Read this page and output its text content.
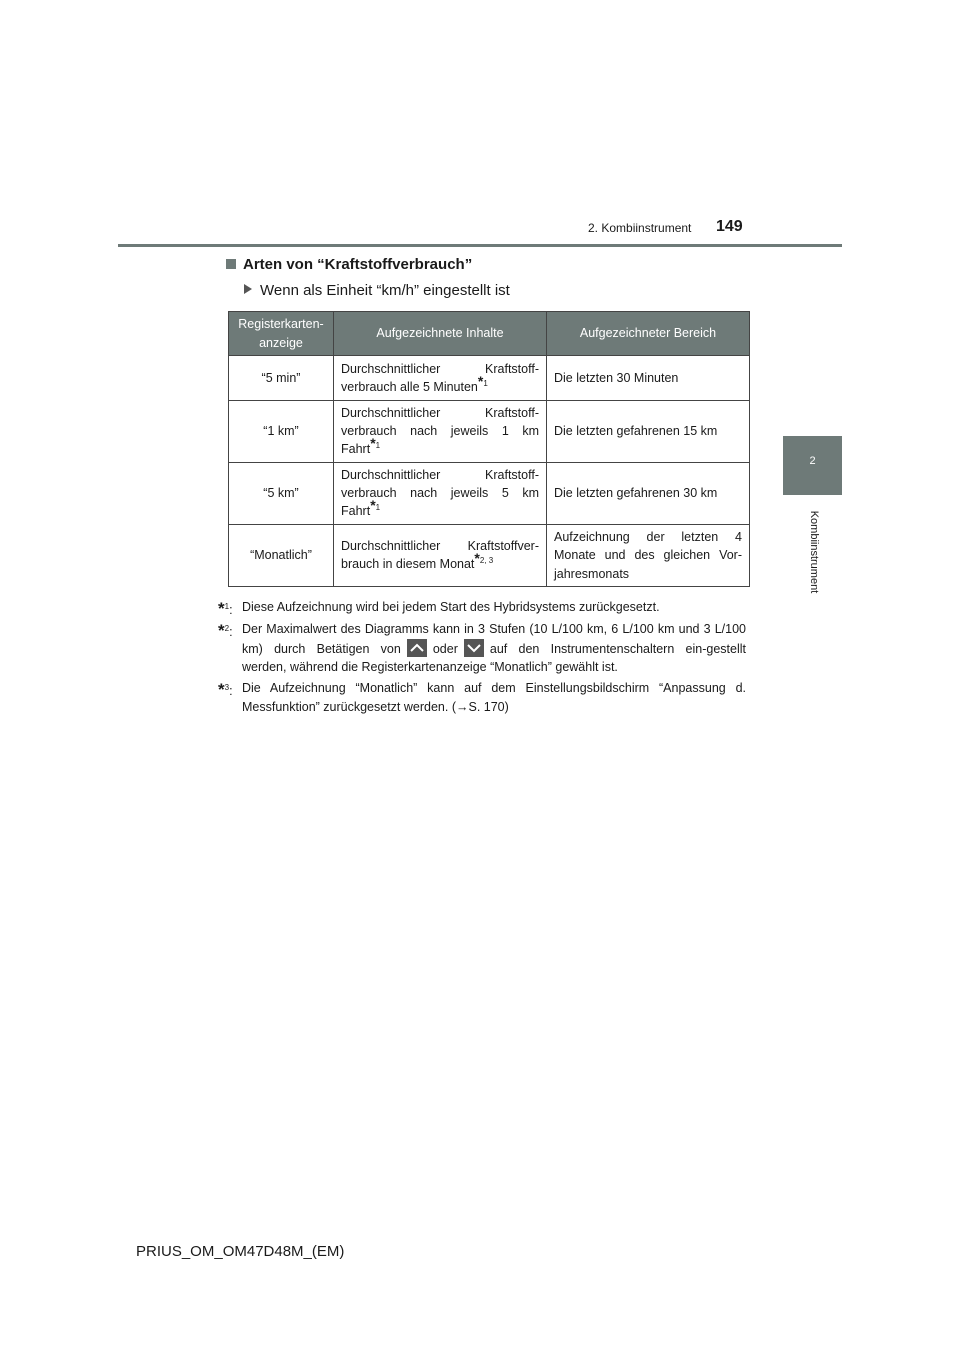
2. Kombiinstrument 149
2
Kombiinstrument
Arten von “Kraftstoffverbrauch”
Wenn als Einheit “km/h” eingestellt ist
Registerkarten-anzeige	Aufgezeichnete Inhalte	Aufgezeichneter Bereich
“5 min”	Durchschnittlicher Kraftstoff-verbrauch alle 5 Minuten*$^1$	Die letzten 30 Minuten
“1 km”	Durchschnittlicher Kraftstoff-verbrauch nach jeweils 1 km Fahrt*$^1$	Die letzten gefahrenen 15 km
“5 km”	Durchschnittlicher Kraftstoff-verbrauch nach jeweils 5 km Fahrt*$^1$	Die letzten gefahrenen 30 km
“Monatlich”	Durchschnittlicher Kraftstoffver-brauch in diesem Monat*$^{2, 3}$	Aufzeichnung der letzten 4 Monate und des gleichen Vor-jahresmonats
*$^1$: Diese Aufzeichnung wird bei jedem Start des Hybridsystems zurückgesetzt.
*$^2$: Der Maximalwert des Diagramms kann in 3 Stufen (10 L/100 km, 6 L/100 km und 3 L/100 km) durch Betätigen von	oder	auf den Instrumentenschaltern ein-gestellt werden, während die Registerkartenanzeige “Monatlich” gewählt ist.
*$^3$: Die Aufzeichnung “Monatlich” kann auf dem Einstellungsbildschirm “Anpassung d. Messfunktion” zurückgesetzt werden. (→S. 170)
PRIUS_OM_OM47D48M_(EM)
